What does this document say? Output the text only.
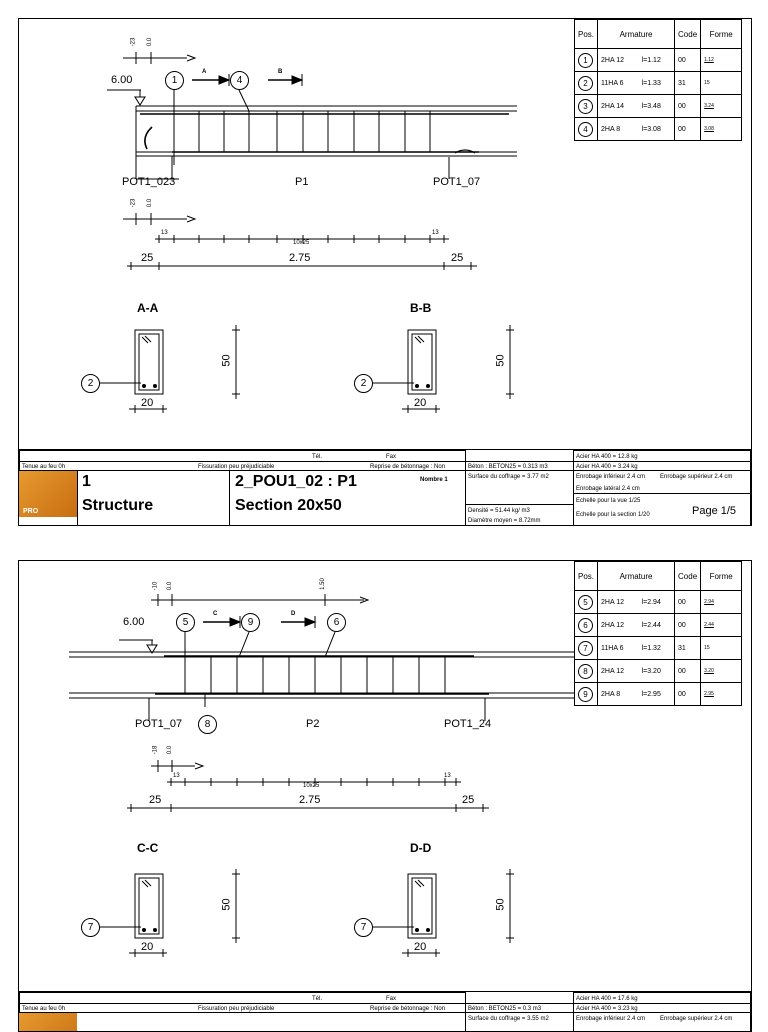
-23 0.0
6.00	1	4
A	B
POT1_023	P1	POT1_07
-23 0.0
13
10x25
13
25	2.75	25
A-A
2
20
50
B-B
2
20
50
Pos.	Armature		Code	Forme
1	2HA 12	l=1.12	00	1.12
2	11HA 6	l=1.33	31	15
3	2HA 14	l=3.48	00	3.24
4	2HA 8	l=3.08	00	3.08
Tél.	Fax
Tenue au feu 0h	Fissuration peu préjudiciable	Reprise de bétonnage : Non
PRO
1
Structure
2_POU1_02 : P1	Nombre 1
Section 20x50
Béton : BETON25 = 0.313 m3
Surface du coffrage = 3.77 m2
Densité = 51.44 kg/ m3
Diamètre moyen = 8.72mm
Acier HA 400 = 12.8 kg
Acier HA 400 = 3.24 kg
Enrobage inférieur 2.4 cm Enrobage supérieur 2.4 cm
Enrobage latéral 2.4 cm
Echelle pour la vue 1/25
Echelle pour la section 1/20	Page 1/5
-10 0.0	1.50
6.00	5	9	6
C	D
POT1_07	8	P2	POT1_24
-18 0.0
13
10x25
13
25	2.75	25
C-C
7
20
50
D-D
7
20
50
Pos.	Armature		Code	Forme
5	2HA 12	l=2.94	00	2.94
6	2HA 12	l=2.44	00	2.44
7	11HA 6	l=1.32	31	15
8	2HA 12	l=3.20	00	3.20
9	2HA 8	l=2.95	00	2.95
Tél.	Fax
Tenue au feu 0h	Fissuration peu préjudiciable	Reprise de bétonnage : Non	Béton : BETON25 = 0.3 m3
Surface du coffrage = 3.55 m2
Acier HA 400 = 17.6 kg
Acier HA 400 = 3.23 kg
Enrobage inférieur 2.4 cm Enrobage supérieur 2.4 cm
